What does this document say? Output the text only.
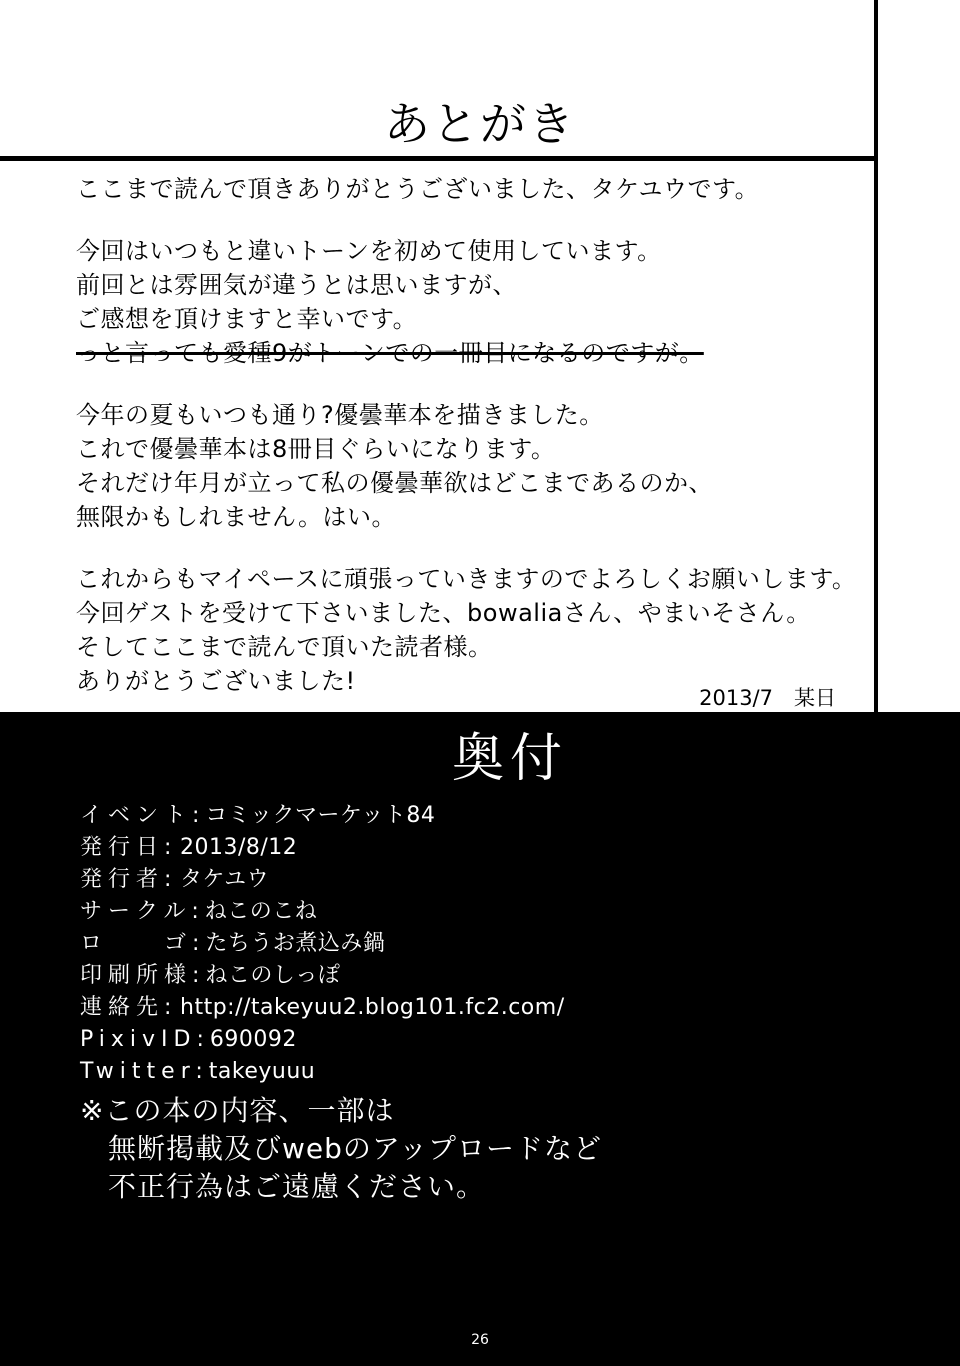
あとがき
ここまで読んで頂きありがとうございました、タケユウです。
今回はいつもと違いトーンを初めて使用しています。
前回とは雰囲気が違うとは思いますが、
ご感想を頂けますと幸いです。
っと言っても愛種9がトーンでの一冊目になるのですが。
今年の夏もいつも通り?優曇華本を描きました。
これで優曇華本は8冊目ぐらいになります。
それだけ年月が立って私の優曇華欲はどこまであるのか、
無限かもしれません。はい。
これからもマイペースに頑張っていきますのでよろしくお願いします。
今回ゲストを受けて下さいました、bowaliaさん、やまいそさん。
そしてここまで読んで頂いた読者様。
ありがとうございました!
2013/7　某日
奥付
イベント:コミックマーケット84
発行日: 2013/8/12
発行者: タケユウ
サークル:ねこのこね
ロ　　ゴ:たちうお煮込み鍋
印刷所様:ねこのしっぽ
連絡先: http://takeyuu2.blog101.fc2.com/
PixivID:690092
Twitter:takeyuuu
※この本の内容、一部は
無断掲載及びwebのアップロードなど
不正行為はご遠慮ください。
26
